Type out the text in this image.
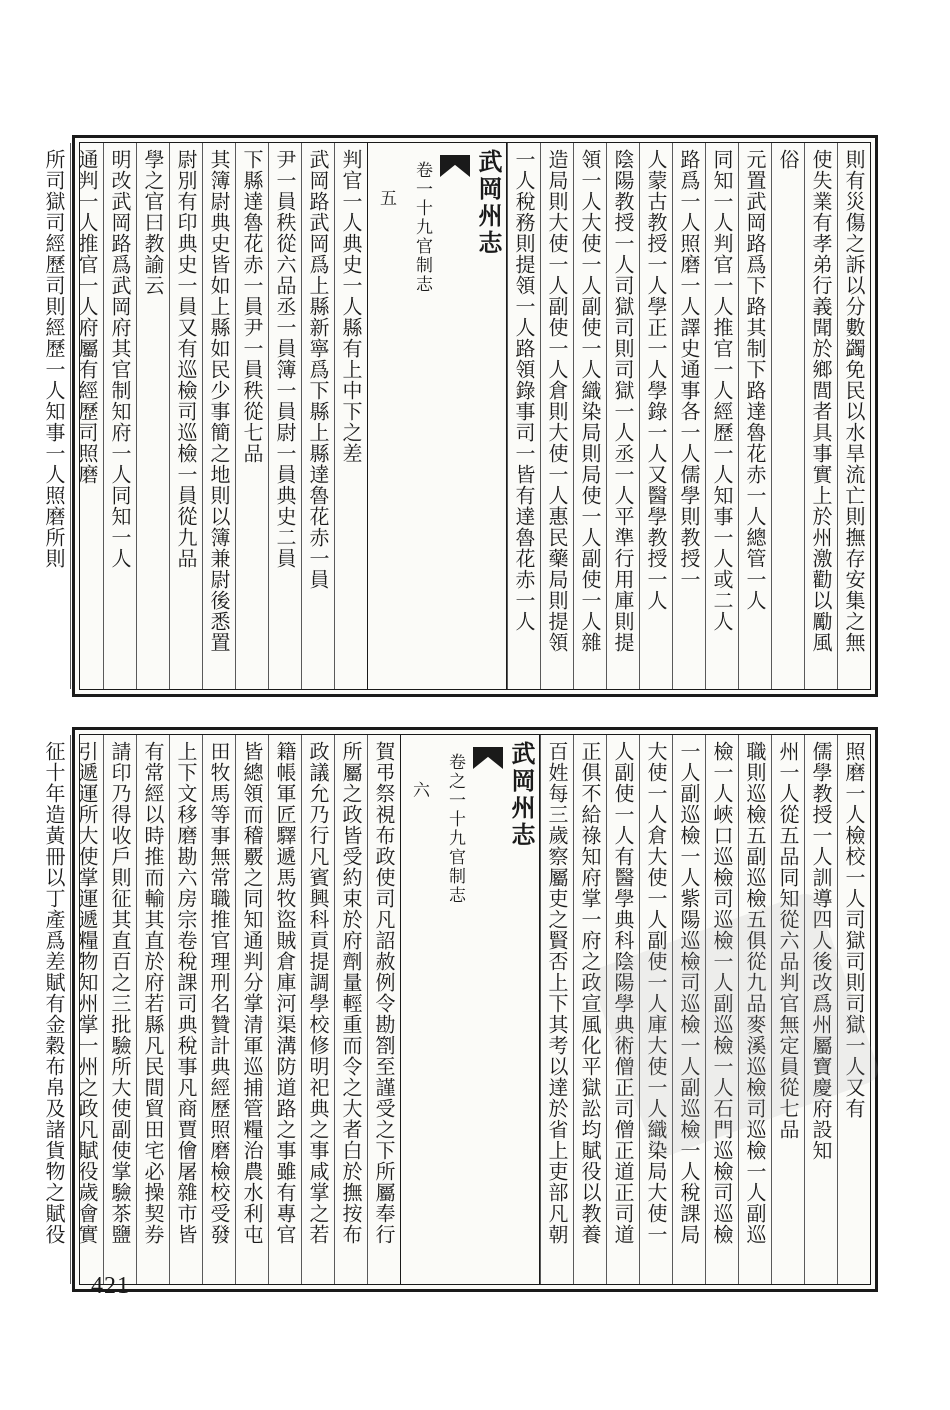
則有災傷之訴以分數蠲免民以水旱流亡則撫存安集之無
使失業有孝弟行義聞於鄉閭者具事實上於州激勸以勵風
俗
元置武岡路爲下路其制下路達魯花赤一人總管一人
同知一人判官一人推官一人經歷一人知事一人或二人
路爲一人照磨一人譯史通事各一人儒學則教授一
人蒙古教授一人學正一人學錄一人又醫學教授一人
陰陽教授一人司獄司則司獄一人丞一人平準行用庫則提
領一人大使一人副使一人織染局則局使一人副使一人雜
造局則大使一人副使一人倉則大使一人惠民藥局則提領
一人稅務則提領一人路領錄事司一皆有達魯花赤一人
武岡州志
卷一十九官制志
五
判官一人典史一人縣有上中下之差
武岡路武岡爲上縣新寧爲下縣上縣達魯花赤一員
尹一員秩從六品丞一員簿一員尉一員典史二員
下縣達魯花赤一員尹一員秩從七品
其簿尉典史皆如上縣如民少事簡之地則以簿兼尉後悉置
尉別有印典史一員又有巡檢司巡檢一員從九品
學之官曰教諭云
明改武岡路爲武岡府其官制知府一人同知一人
通判一人推官一人府屬有經歷司照磨
所司獄司經歷司則經歷一人知事一人照磨所則
照磨一人檢校一人司獄司則司獄一人又有
儒學教授一人訓導四人後改爲州屬寶慶府設知
州一人從五品同知從六品判官無定員從七品
職則巡檢五副巡檢五俱從九品麥溪巡檢司巡檢一人副巡
檢一人峽口巡檢司巡檢一人副巡檢一人石門巡檢司巡檢
一人副巡檢一人紫陽巡檢司巡檢一人副巡檢一人稅課局
大使一人倉大使一人副使一人庫大使一人織染局大使一
人副使一人有醫學典科陰陽學典術僧正司僧正道正司道
正俱不給祿知府掌一府之政宣風化平獄訟均賦役以教養
百姓每三歲察屬吏之賢否上下其考以達於省上吏部凡朝
武岡州志
卷之一十九官制志
六
賀弔祭視布政使司凡詔赦例令勘劄至謹受之下所屬奉行
所屬之政皆受約束於府劑量輕重而令之大者白於撫按布
政議允乃行凡賓興科貢提調學校修明祀典之事咸掌之若
籍帳軍匠驛遞馬牧盜賊倉庫河渠溝防道路之事雖有專官
皆總領而稽覈之同知通判分掌清軍巡捕管糧治農水利屯
田牧馬等事無常職推官理刑名贊計典經歷照磨檢校受發
上下文移磨勘六房宗卷稅課司典稅事凡商賈儈屠雜市皆
有常經以時推而輸其直於府若縣凡民間貿田宅必操契券
請印乃得收戶則征其直百之三批驗所大使副使掌驗茶鹽
引遞運所大使掌運遞糧物知州掌一州之政凡賦役歲會實
征十年造黃冊以丁產爲差賦有金穀布帛及諸貨物之賦役
421
